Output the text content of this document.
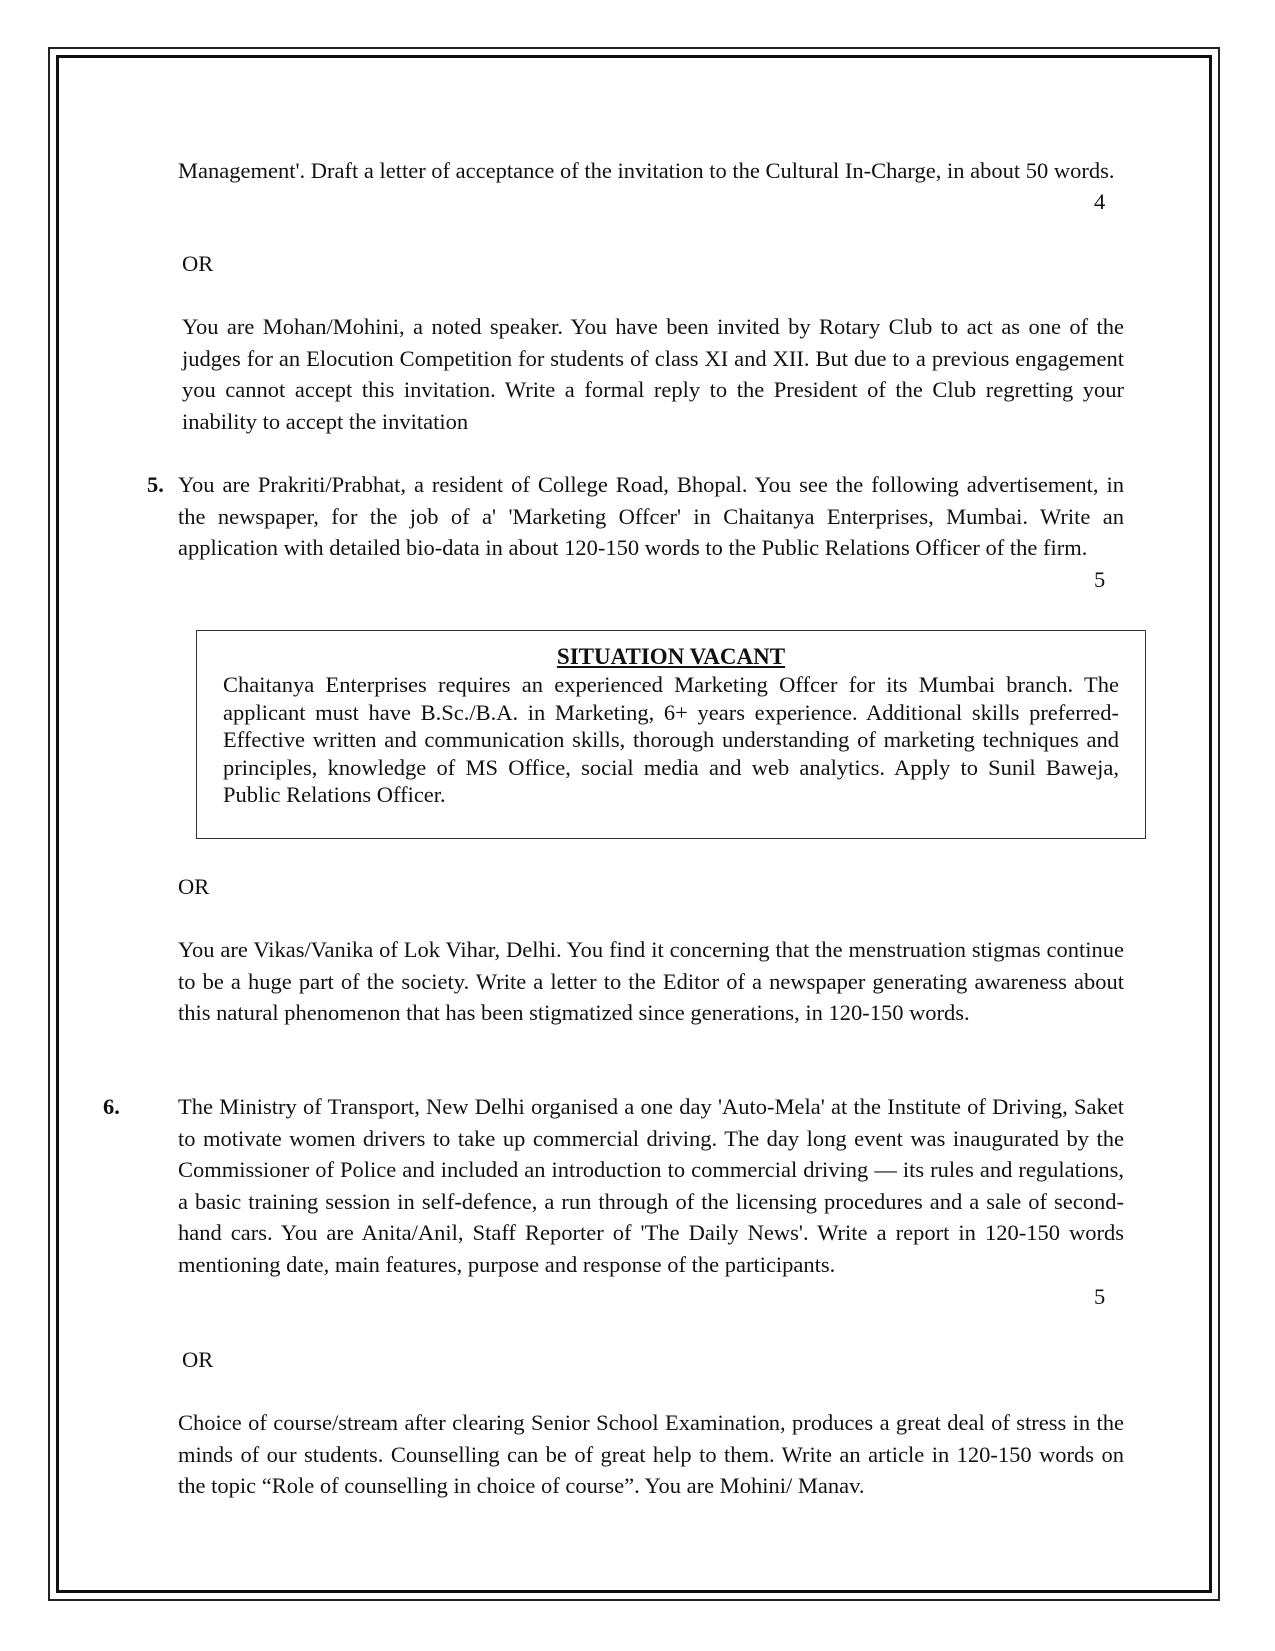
Management'. Draft a letter of acceptance of the invitation to the Cultural In-Charge, in about 50 words.

4
OR

You are Mohan/Mohini, a noted speaker. You have been invited by Rotary Club to act as one of the judges for an Elocution Competition for students of class XI and XII. But due to a previous engagement you cannot accept this invitation. Write a formal reply to the President of the Club regretting your inability to accept the invitation

5. You are Prakriti/Prabhat, a resident of College Road, Bhopal. You see the following advertisement, in the newspaper, for the job of a' 'Marketing Offcer' in Chaitanya Enterprises, Mumbai. Write an application with detailed bio-data in about 120-150 words to the Public Relations Officer of the firm.

5
SITUATION VACANT

Chaitanya Enterprises requires an experienced Marketing Offcer for its Mumbai branch. The applicant must have B.Sc./B.A. in Marketing, 6+ years experience. Additional skills preferred- Effective written and communication skills, thorough understanding of marketing techniques and principles, knowledge of MS Office, social media and web analytics. Apply to Sunil Baweja, Public Relations Officer.

OR

You are Vikas/Vanika of Lok Vihar, Delhi. You find it concerning that the menstruation stigmas continue to be a huge part of the society. Write a letter to the Editor of a newspaper generating awareness about this natural phenomenon that has been stigmatized since generations, in 120-150 words.

6.	The Ministry of Transport, New Delhi organised a one day 'Auto-Mela' at the Institute of Driving, Saket to motivate women drivers to take up commercial driving. The day long event was inaugurated by the Commissioner of Police and included an introduction to commercial driving — its rules and regulations, a basic training session in self-defence, a run through of the licensing procedures and a sale of second-hand cars. You are Anita/Anil, Staff Reporter of 'The Daily News'. Write a report in 120-150 words mentioning date, main features, purpose and response of the participants.

5
OR

Choice of course/stream after clearing Senior School Examination, produces a great deal of stress in the minds of our students. Counselling can be of great help to them. Write an article in 120-150 words on the topic “Role of counselling in choice of course”. You are Mohini/ Manav.
